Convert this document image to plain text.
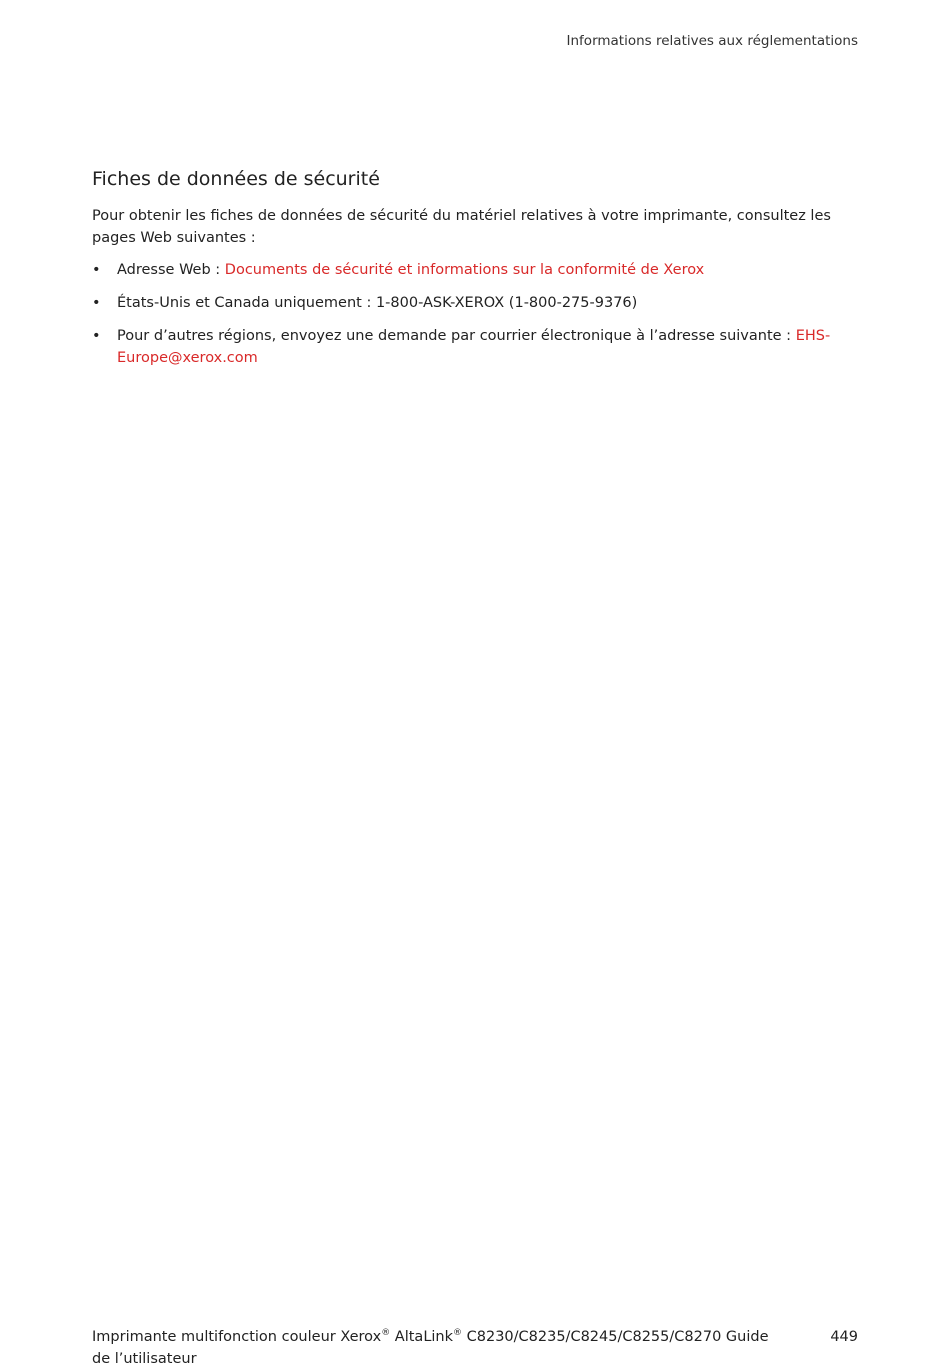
Informations relatives aux réglementations
Fiches de données de sécurité

Pour obtenir les fiches de données de sécurité du matériel relatives à votre imprimante, consultez les pages Web suivantes :

• Adresse Web : Documents de sécurité et informations sur la conformité de Xerox
• États-Unis et Canada uniquement : 1-800-ASK-XEROX (1-800-275-9376)
• Pour d’autres régions, envoyez une demande par courrier électronique à l’adresse suivante : EHS-Europe@xerox.com
Imprimante multifonction couleur Xerox® AltaLink® C8230/C8235/C8245/C8255/C8270 Guide de l’utilisateur
449
